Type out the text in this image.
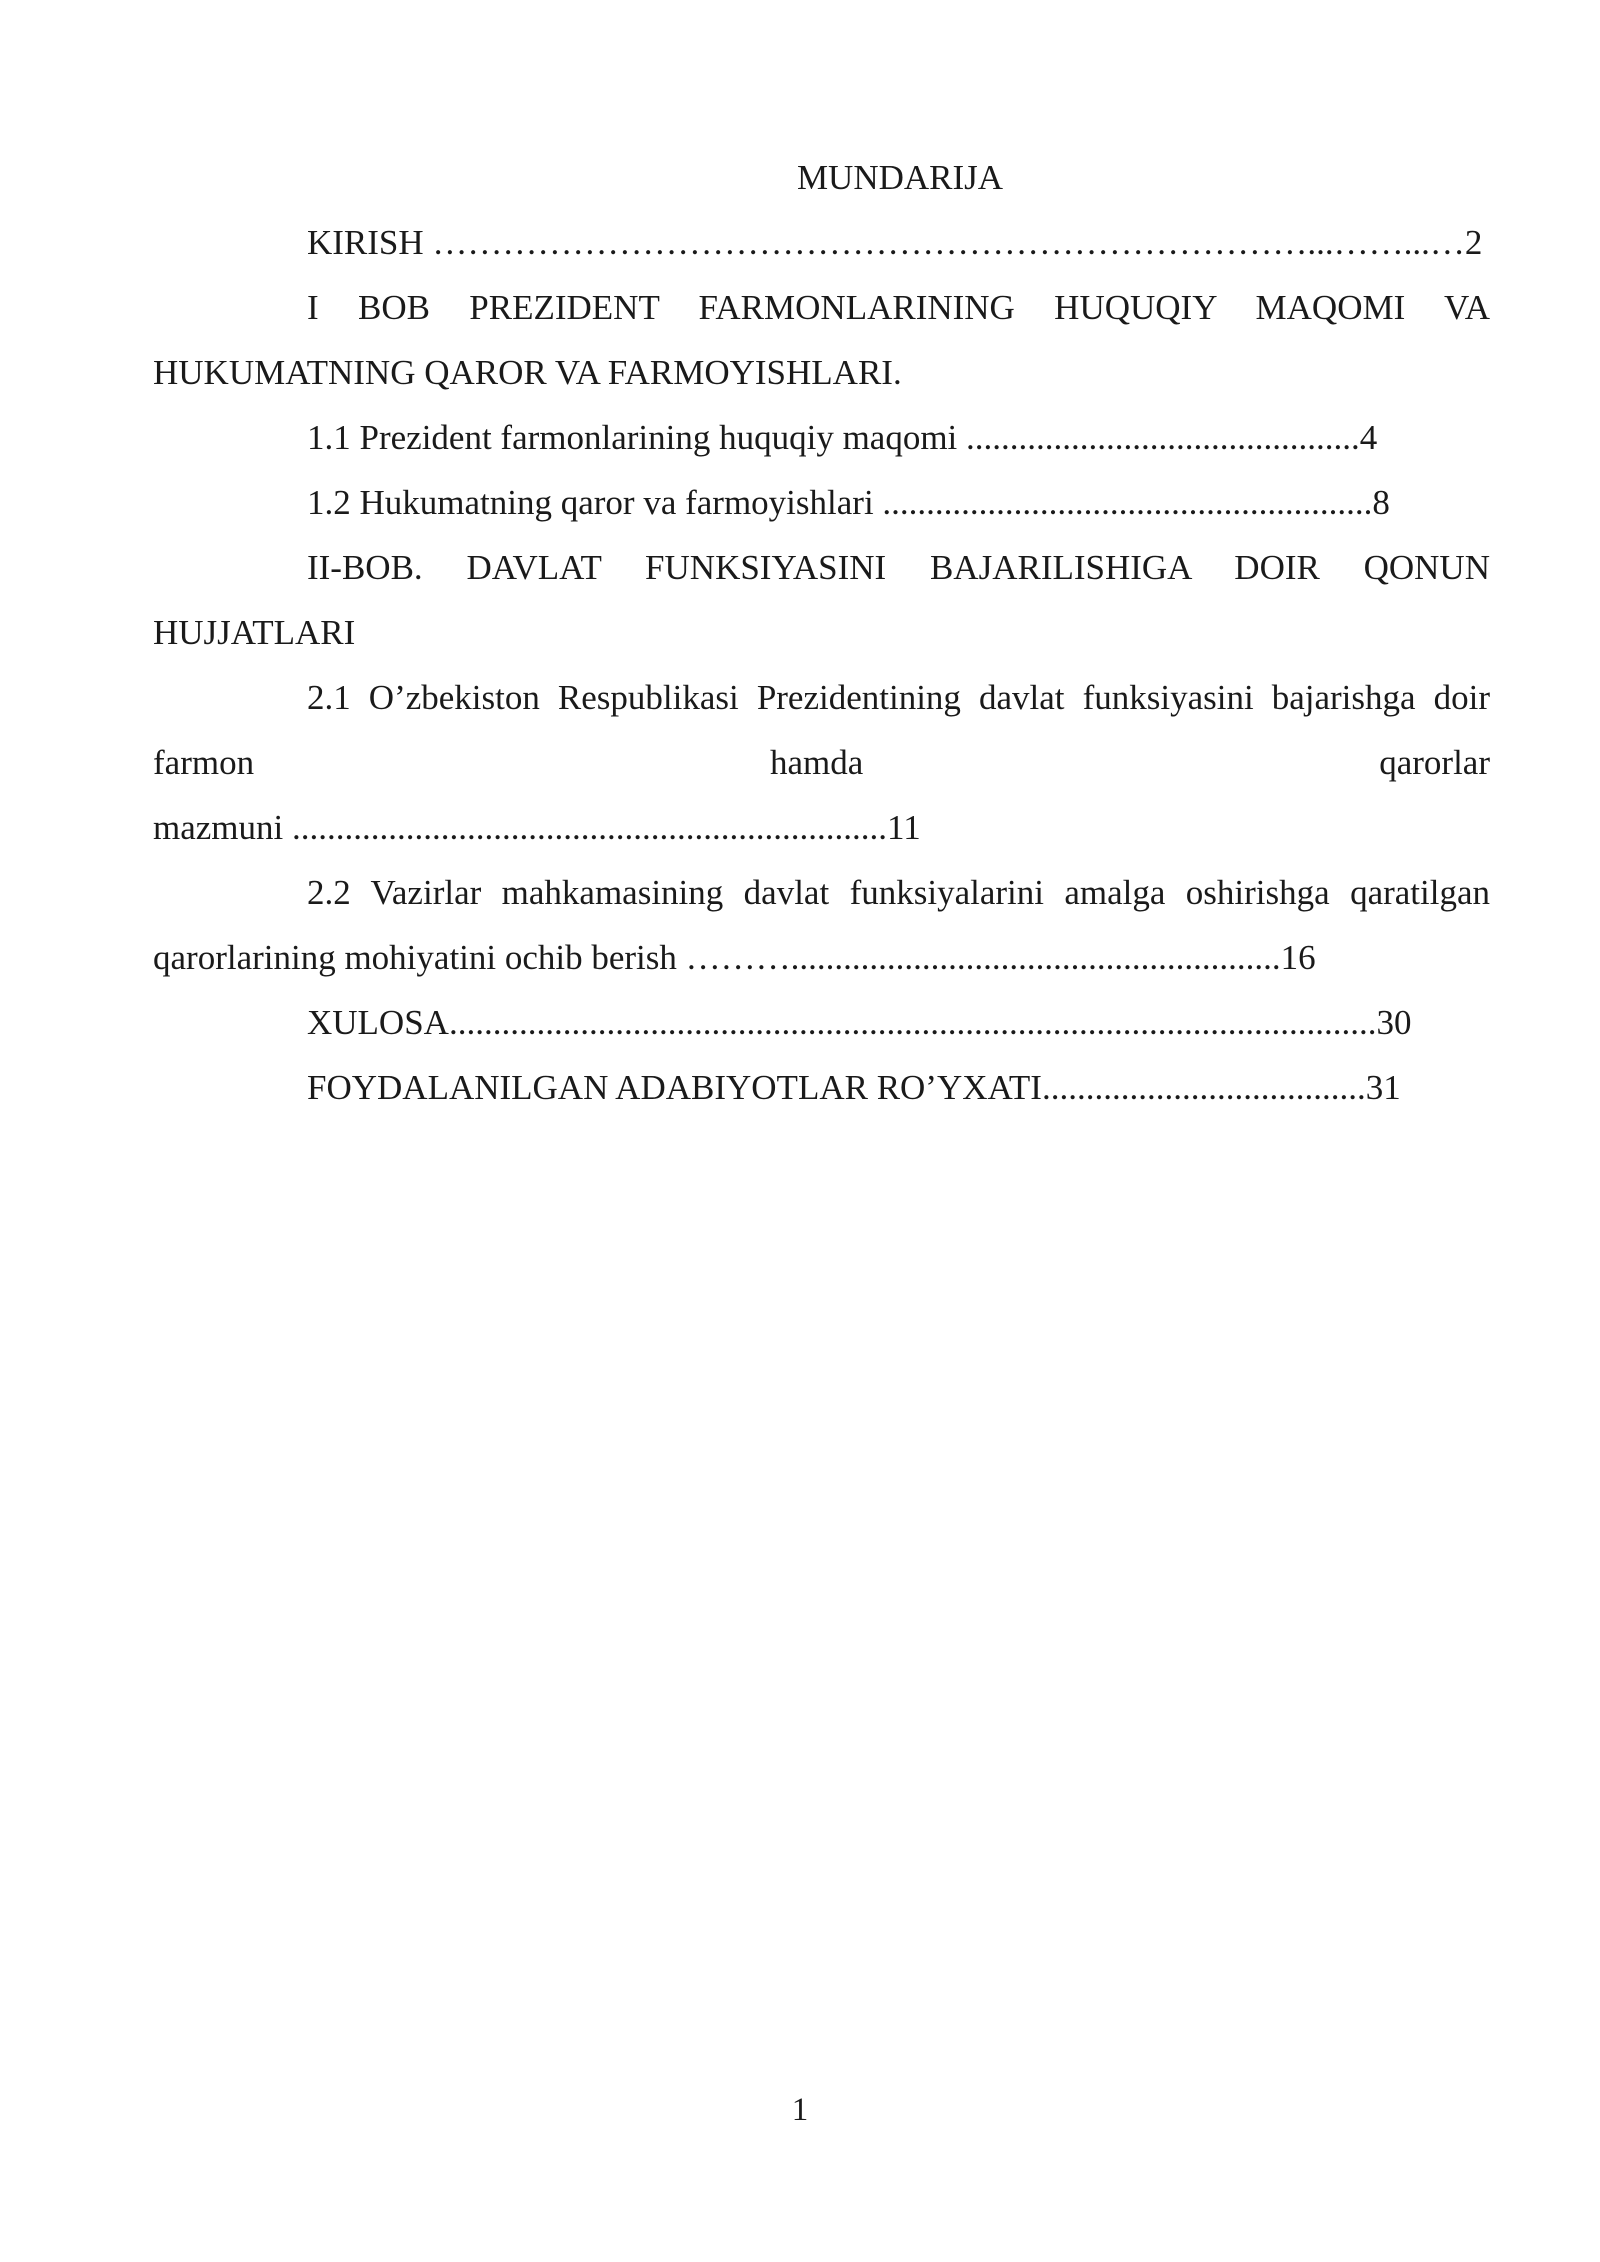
MUNDARIJA

KIRISH …………………………………………………………………...……...…2

I BOB PREZIDENT FARMONLARINING HUQUQIY MAQOMI VA HUKUMATNING QAROR VA FARMOYISHLARI.

1.1 Prezident farmonlarining huquqiy maqomi .............................................4

1.2 Hukumatning qaror va farmoyishlari ........................................................8

II-BOB. DAVLAT FUNKSIYASINI BAJARILISHIGA DOIR QONUN HUJJATLARI

2.1 O’zbekiston Respublikasi Prezidentining davlat funksiyasini bajarishga doir farmon hamda qarorlar

mazmuni ....................................................................11

2.2 Vazirlar mahkamasining davlat funksiyalarini amalga oshirishga qaratilgan qarorlarining mohiyatini ochib berish ………........................................................16

XULOSA..........................................................................................................30

FOYDALANILGAN ADABIYOTLAR RO’YXATI.....................................31

1
